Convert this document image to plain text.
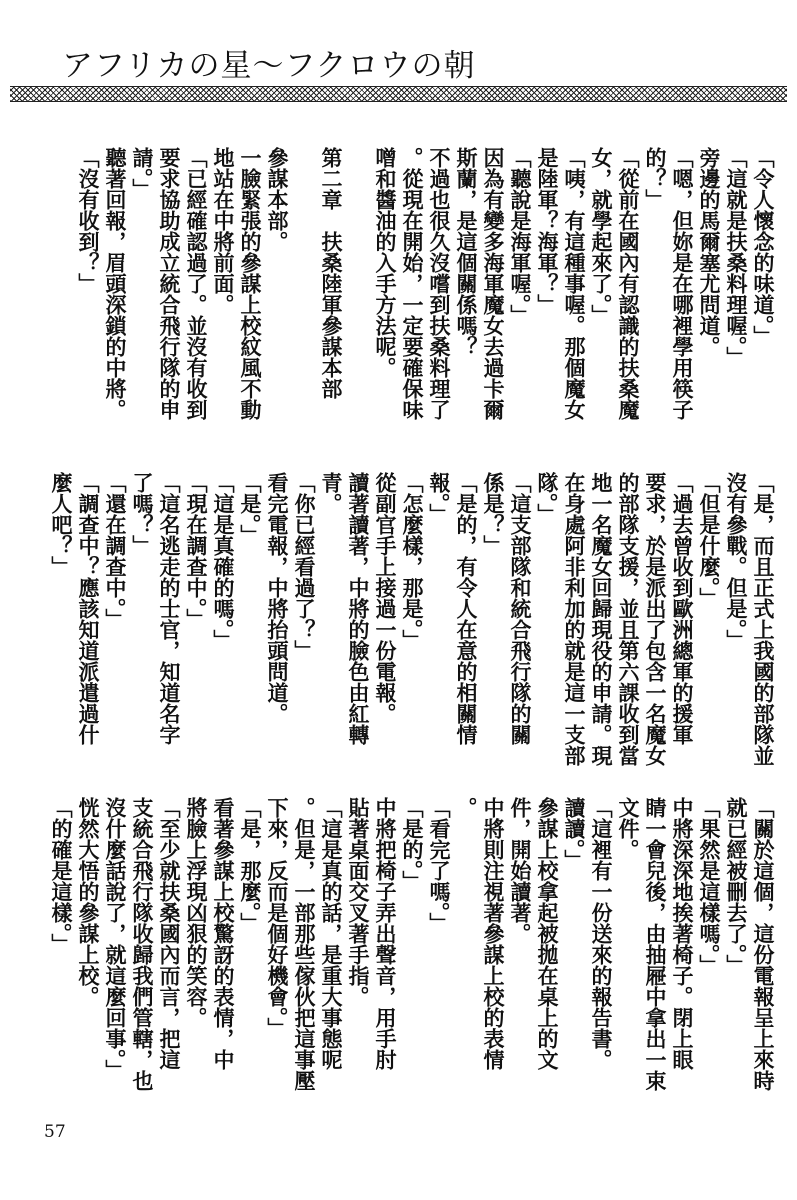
アフリカの星～フクロウの朝

「令人懷念的味道。」

「這就是扶桑料理喔。」

旁邊的馬爾塞尤問道。

「嗯，但妳是在哪裡學用筷子

的？」

「從前在國內有認識的扶桑魔

女，就學起來了。」

「咦，有這種事喔。那個魔女

是陸軍？海軍？」

「聽說是海軍喔。」

因為有變多海軍魔女去過卡爾

斯蘭，是這個關係嗎？

不過也很久沒嚐到扶桑料理了

。從現在開始，一定要確保味

噌和醬油的入手方法呢。

第二章　扶桑陸軍參謀本部

參謀本部。

一臉緊張的參謀上校紋風不動

地站在中將前面。

「已經確認過了。並沒有收到

要求協助成立統合飛行隊的申

請。」

聽著回報，眉頭深鎖的中將。

「沒有收到？」

「是，而且正式上我國的部隊並

沒有參戰。但是。」

「但是什麼。」

「過去曾收到歐洲總軍的援軍

要求，於是派出了包含一名魔女

的部隊支援，並且第六課收到當

地一名魔女回歸現役的申請。現

在身處阿非利加的就是這一支部

隊。」

「這支部隊和統合飛行隊的關

係是？」

「是的，有令人在意的相關情

報。」

「怎麼樣，那是。」

從副官手上接過一份電報。

讀著讀著，中將的臉色由紅轉

青。

「你已經看過了？」

看完電報，中將抬頭問道。

「是。」

「這是真確的嗎。」

「現在調查中。」

「這名逃走的士官，知道名字

了嗎？」

「還在調查中。」

「調查中？應該知道派遣過什

麼人吧？」

「關於這個，這份電報呈上來時

就已經被刪去了。」

「果然是這樣嗎。」

中將深深地挨著椅子。閉上眼

睛一會兒後，由抽屜中拿出一束

文件。

「這裡有一份送來的報告書。

讀讀。」

參謀上校拿起被拋在桌上的文

件，開始讀著。

中將則注視著參謀上校的表情

。

「看完了嗎。」

「是的。」

中將把椅子弄出聲音，用手肘

貼著桌面交叉著手指。

「這是真的話，是重大事態呢

。但是，一部那些傢伙把這事壓

下來，反而是個好機會。」

「是，那麼。」

看著參謀上校驚訝的表情，中

將臉上浮現凶狠的笑容。

「至少就扶桑國內而言，把這

支統合飛行隊收歸我們管轄，也

沒什麼話說了，就這麼回事。」

恍然大悟的參謀上校。

「的確是這樣。」

57
